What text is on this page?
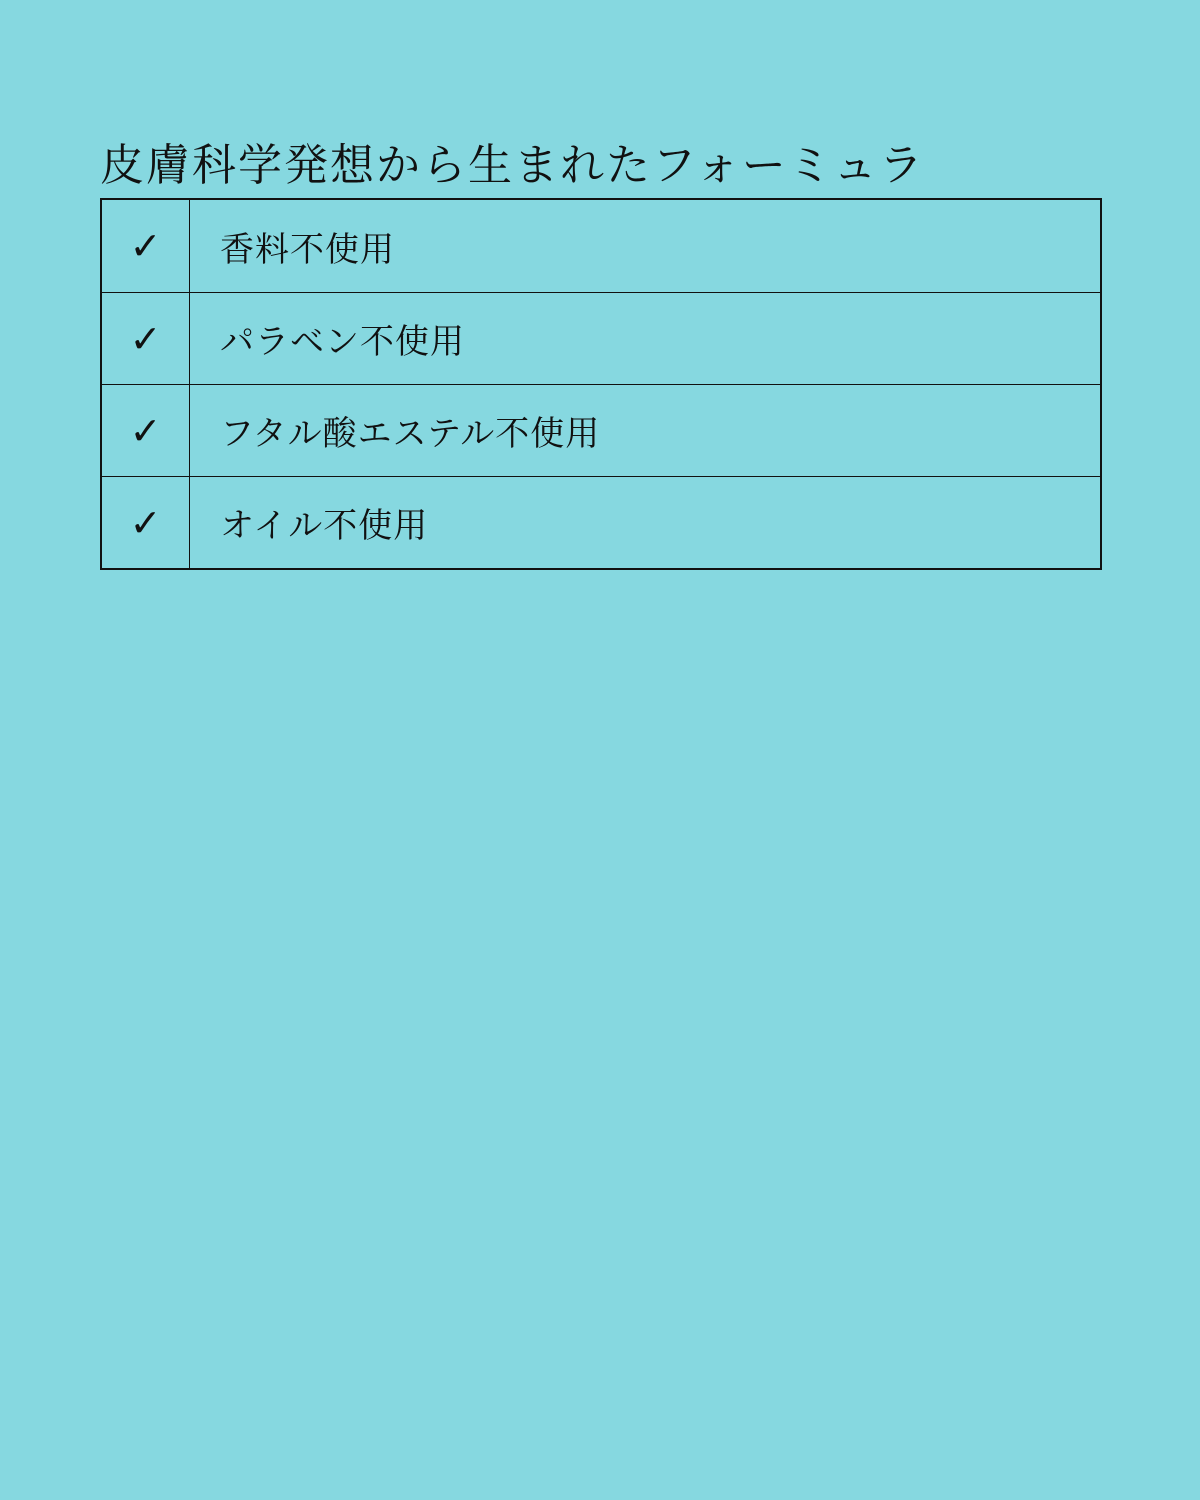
皮膚科学発想から生まれたフォーミュラ
✓	香料不使用
✓	パラベン不使用
✓	フタル酸エステル不使用
✓	オイル不使用
